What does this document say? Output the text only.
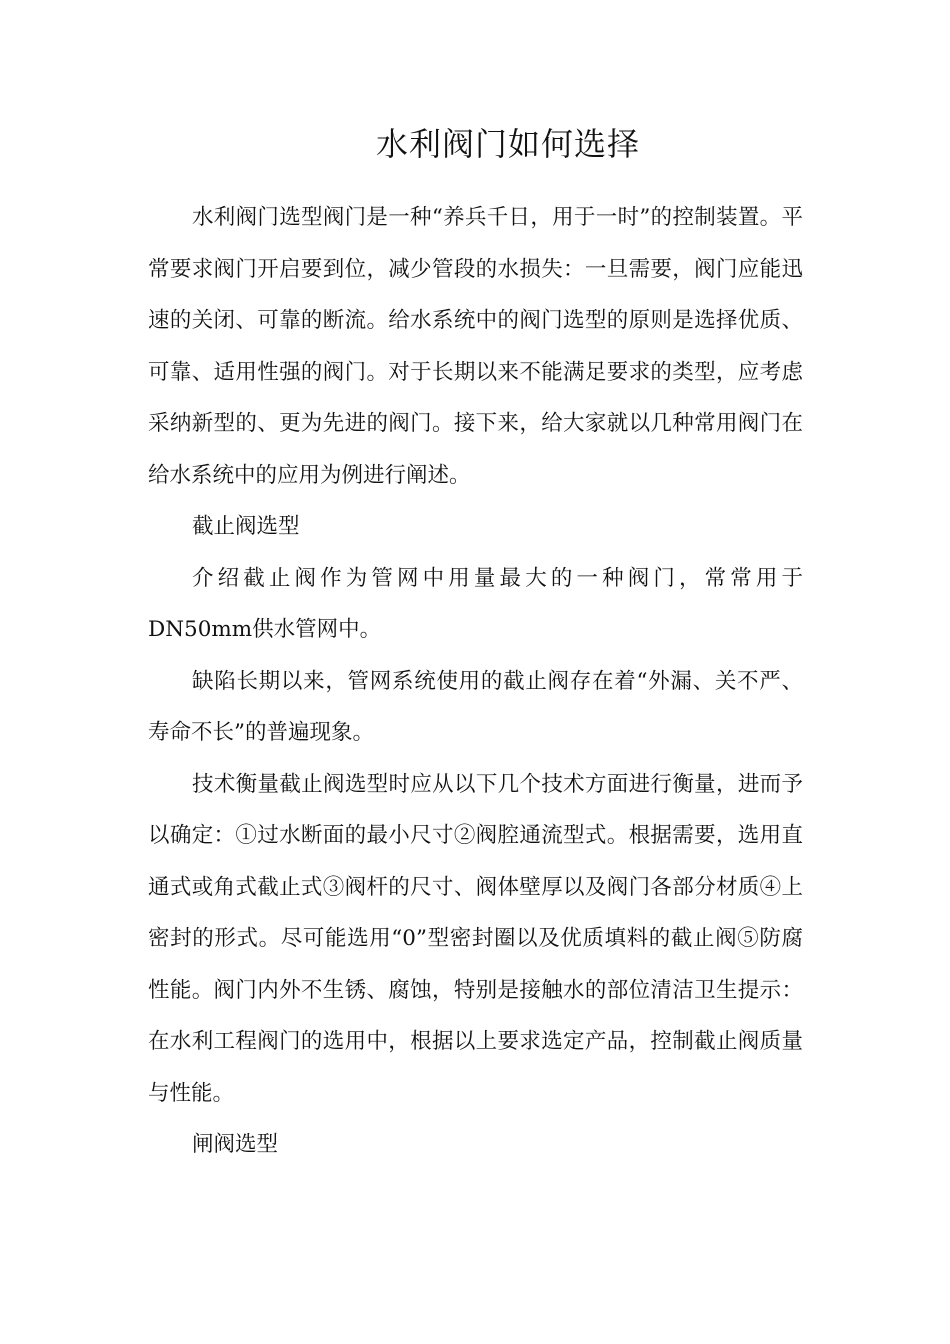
水利阀门如何选择

水利阀门选型阀门是一种“养兵千日，用于一时”的控制装置。平常要求阀门开启要到位，减少管段的水损失：一旦需要，阀门应能迅速的关闭、可靠的断流。给水系统中的阀门选型的原则是选择优质、可靠、适用性强的阀门。对于长期以来不能满足要求的类型，应考虑采纳新型的、更为先进的阀门。接下来，给大家就以几种常用阀门在给水系统中的应用为例进行阐述。

截止阀选型

介绍截止阀作为管网中用量最大的一种阀门，常常用于DN50mm供水管网中。

缺陷长期以来，管网系统使用的截止阀存在着“外漏、关不严、寿命不长”的普遍现象。

技术衡量截止阀选型时应从以下几个技术方面进行衡量，进而予以确定：①过水断面的最小尺寸②阀腔通流型式。根据需要，选用直通式或角式截止式③阀杆的尺寸、阀体壁厚以及阀门各部分材质④上密封的形式。尽可能选用“0”型密封圈以及优质填料的截止阀⑤防腐性能。阀门内外不生锈、腐蚀，特别是接触水的部位清洁卫生提示：在水利工程阀门的选用中，根据以上要求选定产品，控制截止阀质量与性能。

闸阀选型
